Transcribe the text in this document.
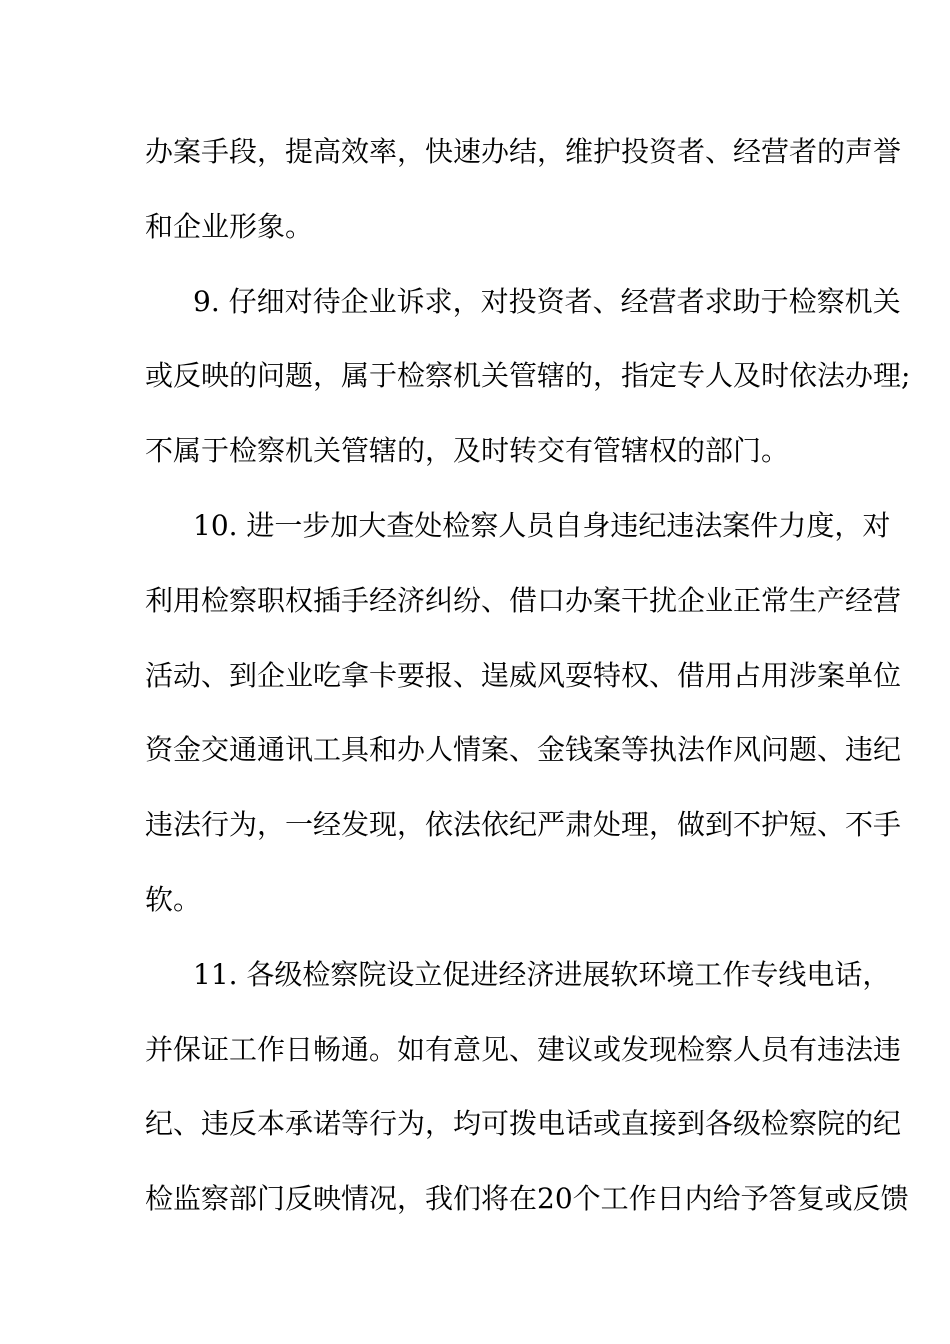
办案手段，提高效率，快速办结，维护投资者、经营者的声誉
和企业形象。
9. 仔细对待企业诉求，对投资者、经营者求助于检察机关
或反映的问题，属于检察机关管辖的，指定专人及时依法办理;
不属于检察机关管辖的，及时转交有管辖权的部门。
10. 进一步加大查处检察人员自身违纪违法案件力度，对
利用检察职权插手经济纠纷、借口办案干扰企业正常生产经营
活动、到企业吃拿卡要报、逞威风耍特权、借用占用涉案单位
资金交通通讯工具和办人情案、金钱案等执法作风问题、违纪
违法行为，一经发现，依法依纪严肃处理，做到不护短、不手
软。
11. 各级检察院设立促进经济进展软环境工作专线电话，
并保证工作日畅通。如有意见、建议或发现检察人员有违法违
纪、违反本承诺等行为，均可拨电话或直接到各级检察院的纪
检监察部门反映情况，我们将在20个工作日内给予答复或反馈
